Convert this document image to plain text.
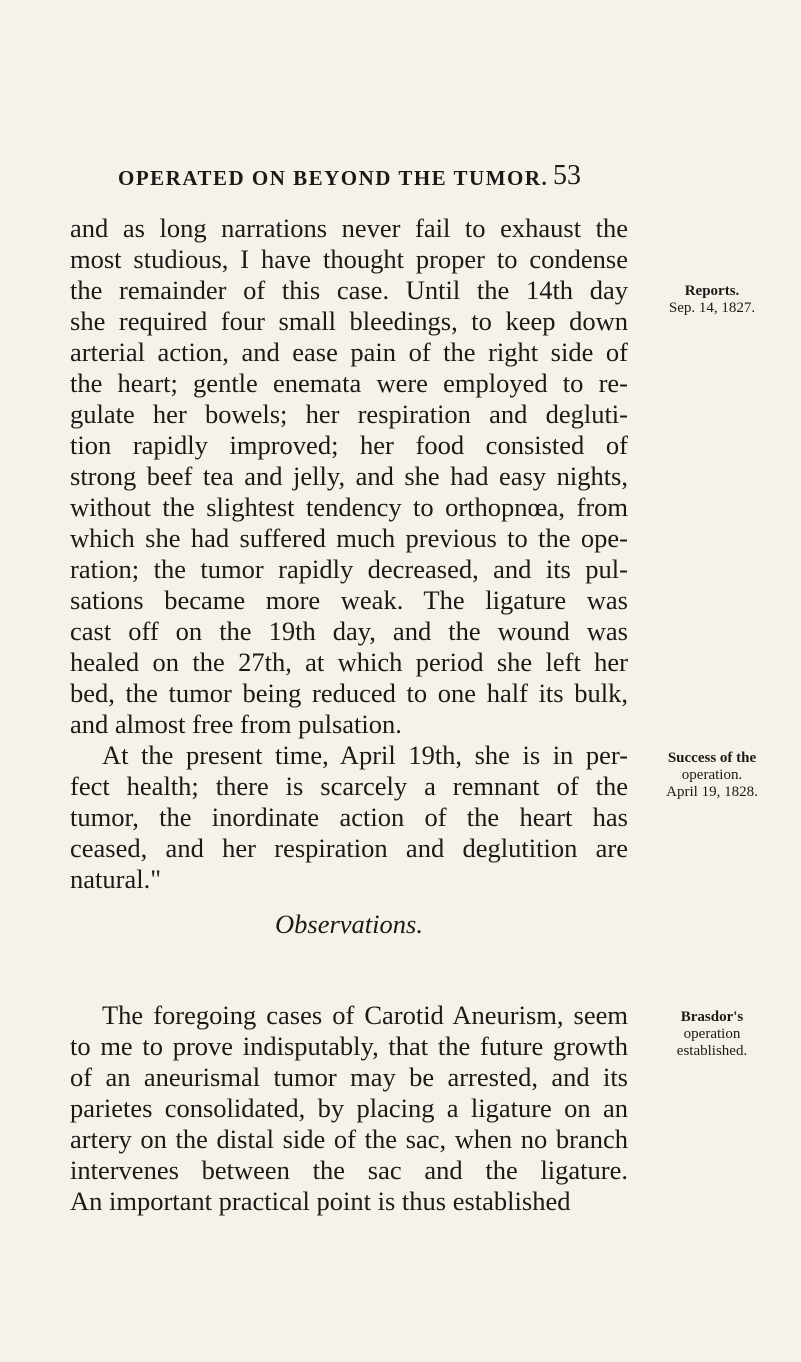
OPERATED ON BEYOND THE TUMOR. 53
and as long narrations never fail to exhaust the
most studious, I have thought proper to condense
the remainder of this case. Until the 14th day
she required four small bleedings, to keep down
arterial action, and ease pain of the right side of
the heart; gentle enemata were employed to re-
gulate her bowels; her respiration and degluti-
tion rapidly improved; her food consisted of
strong beef tea and jelly, and she had easy nights,
without the slightest tendency to orthopnœa, from
which she had suffered much previous to the ope-
ration; the tumor rapidly decreased, and its pul-
sations became more weak. The ligature was
cast off on the 19th day, and the wound was
healed on the 27th, at which period she left her
bed, the tumor being reduced to one half its bulk,
and almost free from pulsation.
At the present time, April 19th, she is in per-
fect health; there is scarcely a remnant of the
tumor, the inordinate action of the heart has
ceased, and her respiration and deglutition are
natural."
Observations.
The foregoing cases of Carotid Aneurism, seem
to me to prove indisputably, that the future growth
of an aneurismal tumor may be arrested, and its
parietes consolidated, by placing a ligature on an
artery on the distal side of the sac, when no branch
intervenes between the sac and the ligature.
An important practical point is thus established
Reports.
Sep. 14, 1827.
Success of the
operation.
April 19, 1828.
Brasdor's
operation
established.
